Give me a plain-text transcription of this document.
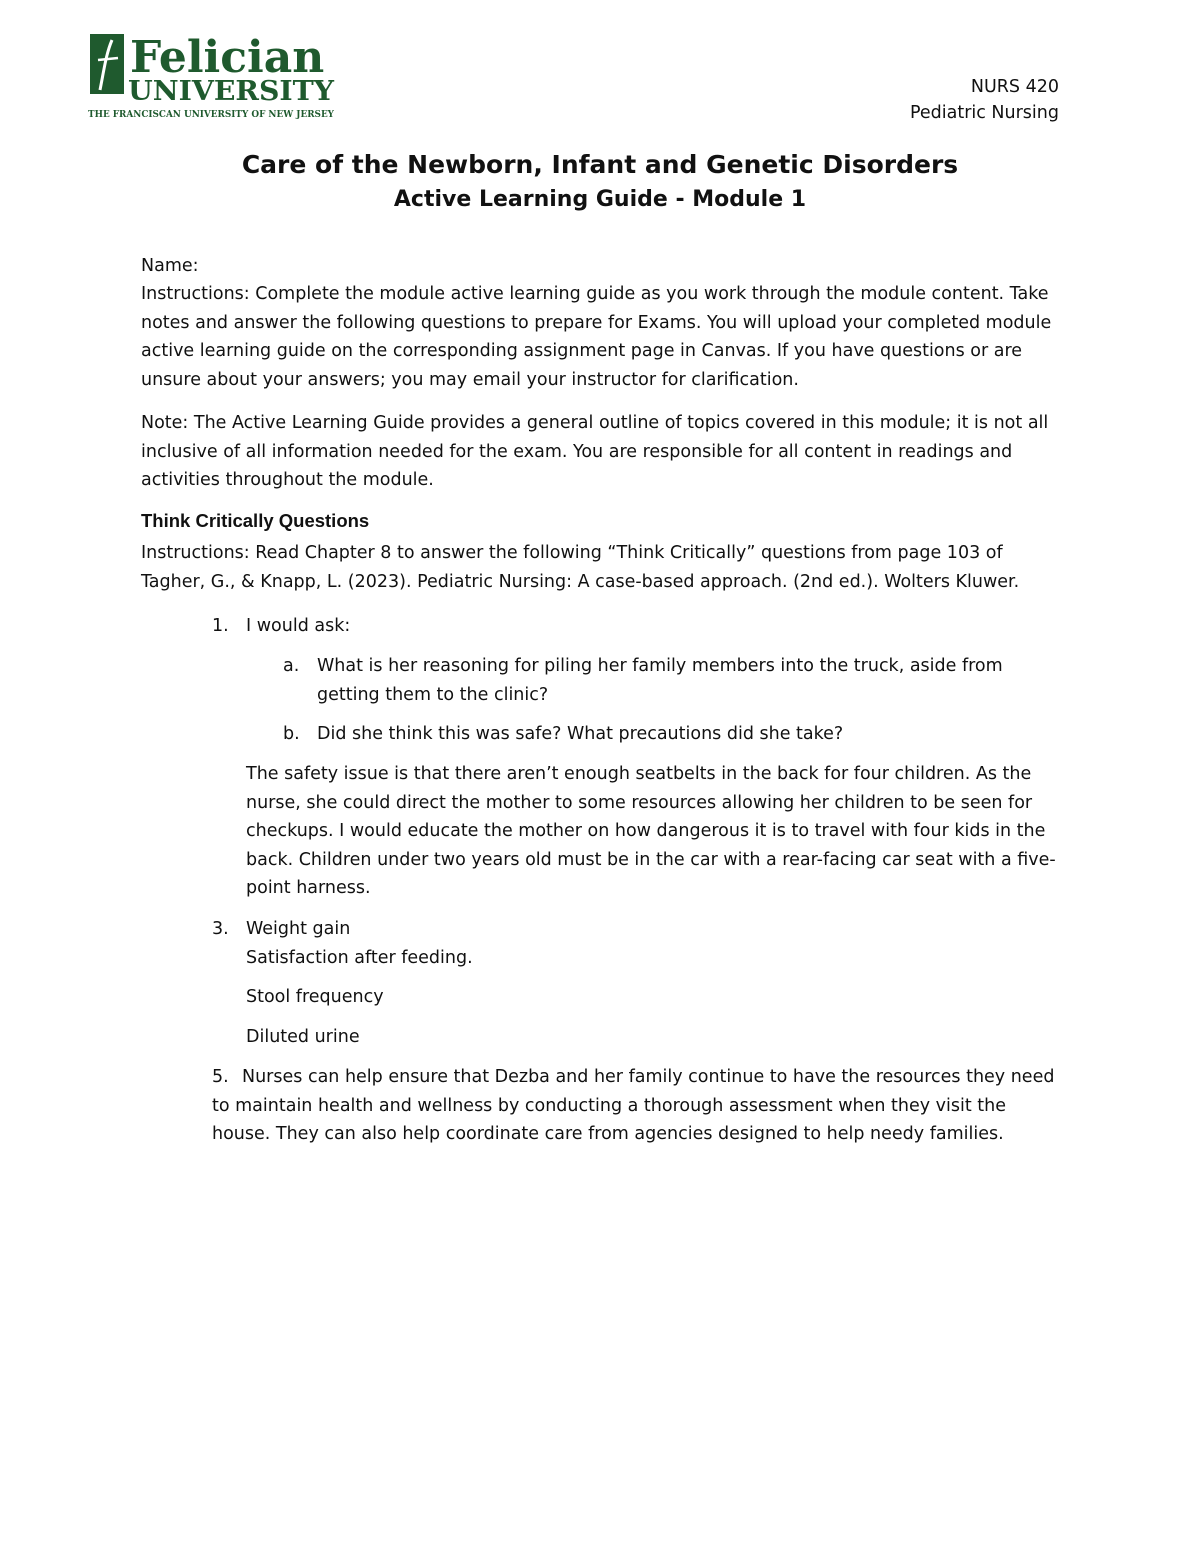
Felician
UNIVERSITY
THE FRANCISCAN UNIVERSITY OF NEW JERSEY
NURS 420
Pediatric Nursing
Care of the Newborn, Infant and Genetic Disorders
Active Learning Guide - Module 1
Name:

Instructions: Complete the module active learning guide as you work through the module content. Take

notes and answer the following questions to prepare for Exams. You will upload your completed module

active learning guide on the corresponding assignment page in Canvas. If you have questions or are

unsure about your answers; you may email your instructor for clarification.

Note: The Active Learning Guide provides a general outline of topics covered in this module; it is not all

inclusive of all information needed for the exam. You are responsible for all content in readings and

activities throughout the module.

Think Critically Questions

Instructions: Read Chapter 8 to answer the following “Think Critically” questions from page 103 of

Tagher, G., & Knapp, L. (2023). Pediatric Nursing: A case-based approach. (2nd ed.). Wolters Kluwer.

1. I would ask:

a. What is her reasoning for piling her family members into the truck, aside from

getting them to the clinic?

b. Did she think this was safe? What precautions did she take?

The safety issue is that there aren’t enough seatbelts in the back for four children. As the

nurse, she could direct the mother to some resources allowing her children to be seen for

checkups. I would educate the mother on how dangerous it is to travel with four kids in the

back. Children under two years old must be in the car with a rear-facing car seat with a five-

point harness.

3. Weight gain

Satisfaction after feeding.

Stool frequency

Diluted urine

5. Nurses can help ensure that Dezba and her family continue to have the resources they need

to maintain health and wellness by conducting a thorough assessment when they visit the

house. They can also help coordinate care from agencies designed to help needy families.
